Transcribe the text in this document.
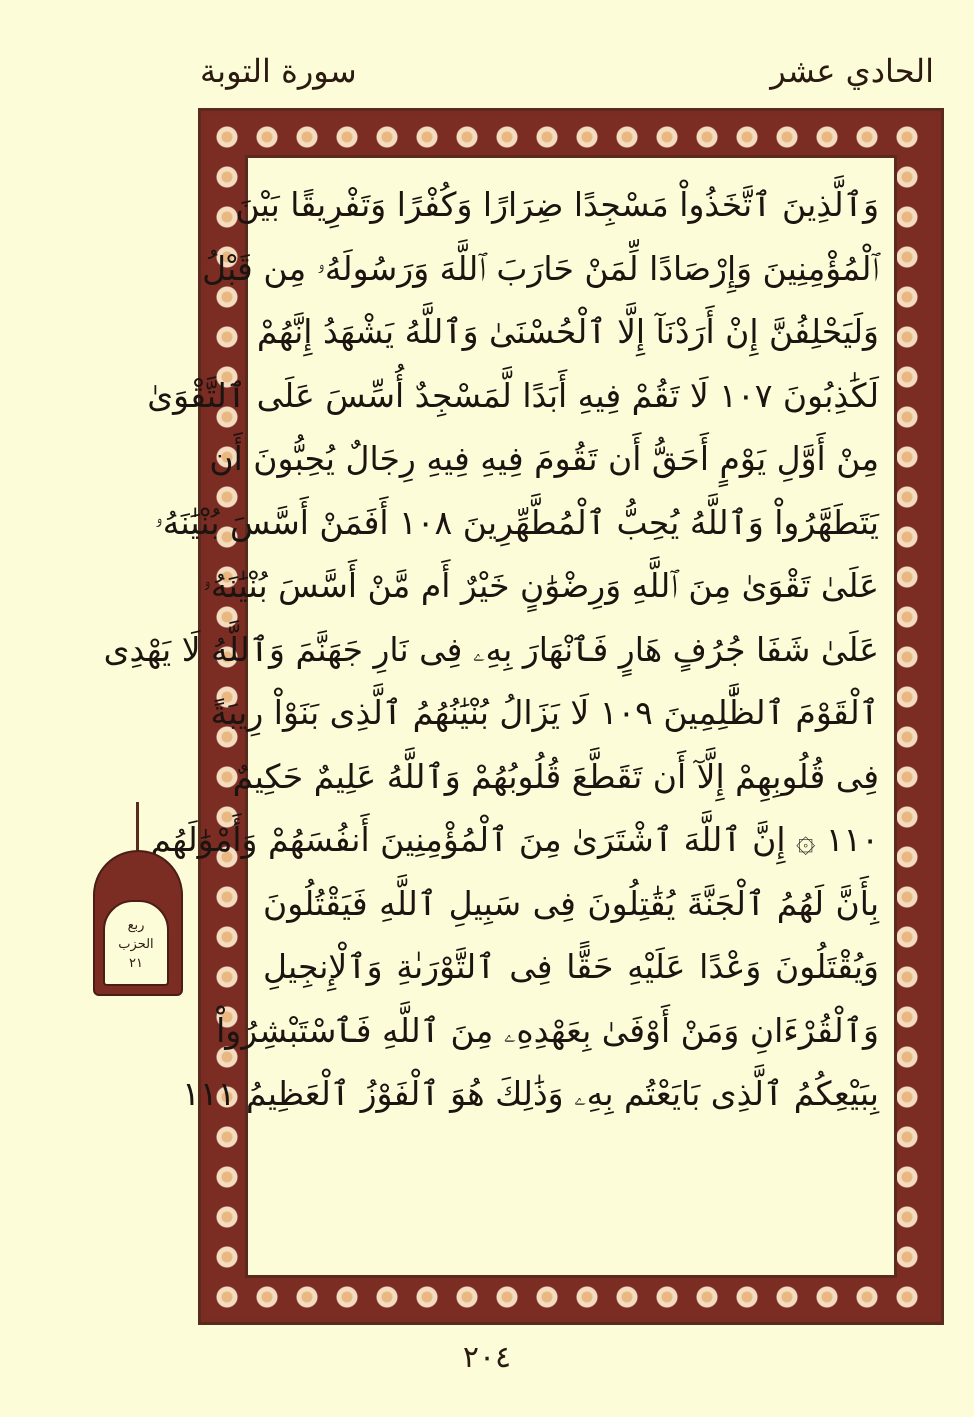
الحادي عشر
سورة التوبة
وَٱلَّذِينَ ٱتَّخَذُواْ مَسْجِدًا ضِرَارًا وَكُفْرًا وَتَفْرِيقًا بَيْنَ
ٱلْمُؤْمِنِينَ وَإِرْصَادًا لِّمَنْ حَارَبَ ٱللَّهَ وَرَسُولَهُۥ مِن قَبْلُ
وَلَيَحْلِفُنَّ إِنْ أَرَدْنَآ إِلَّا ٱلْحُسْنَىٰ وَٱللَّهُ يَشْهَدُ إِنَّهُمْ
لَكَٰذِبُونَ ١٠٧ لَا تَقُمْ فِيهِ أَبَدًا لَّمَسْجِدٌ أُسِّسَ عَلَى ٱلتَّقْوَىٰ
مِنْ أَوَّلِ يَوْمٍ أَحَقُّ أَن تَقُومَ فِيهِ فِيهِ رِجَالٌ يُحِبُّونَ أَن
يَتَطَهَّرُواْ وَٱللَّهُ يُحِبُّ ٱلْمُطَّهِّرِينَ ١٠٨ أَفَمَنْ أَسَّسَ بُنْيَٰنَهُۥ
عَلَىٰ تَقْوَىٰ مِنَ ٱللَّهِ وَرِضْوَٰنٍ خَيْرٌ أَم مَّنْ أَسَّسَ بُنْيَٰنَهُۥ
عَلَىٰ شَفَا جُرُفٍ هَارٍ فَٱنْهَارَ بِهِۦ فِى نَارِ جَهَنَّمَ وَٱللَّهُ لَا يَهْدِى
ٱلْقَوْمَ ٱلظَّٰلِمِينَ ١٠٩ لَا يَزَالُ بُنْيَٰنُهُمُ ٱلَّذِى بَنَوْاْ رِيبَةً
فِى قُلُوبِهِمْ إِلَّآ أَن تَقَطَّعَ قُلُوبُهُمْ وَٱللَّهُ عَلِيمٌ حَكِيمٌ
١١٠ ۞ إِنَّ ٱللَّهَ ٱشْتَرَىٰ مِنَ ٱلْمُؤْمِنِينَ أَنفُسَهُمْ وَأَمْوَٰلَهُم
بِأَنَّ لَهُمُ ٱلْجَنَّةَ يُقَٰتِلُونَ فِى سَبِيلِ ٱللَّهِ فَيَقْتُلُونَ
وَيُقْتَلُونَ وَعْدًا عَلَيْهِ حَقًّا فِى ٱلتَّوْرَىٰةِ وَٱلْإِنجِيلِ
وَٱلْقُرْءَانِ وَمَنْ أَوْفَىٰ بِعَهْدِهِۦ مِنَ ٱللَّهِ فَٱسْتَبْشِرُواْ
بِبَيْعِكُمُ ٱلَّذِى بَايَعْتُم بِهِۦ وَذَٰلِكَ هُوَ ٱلْفَوْزُ ٱلْعَظِيمُ ١١١
ربع
الحزب
٢١
٢٠٤
